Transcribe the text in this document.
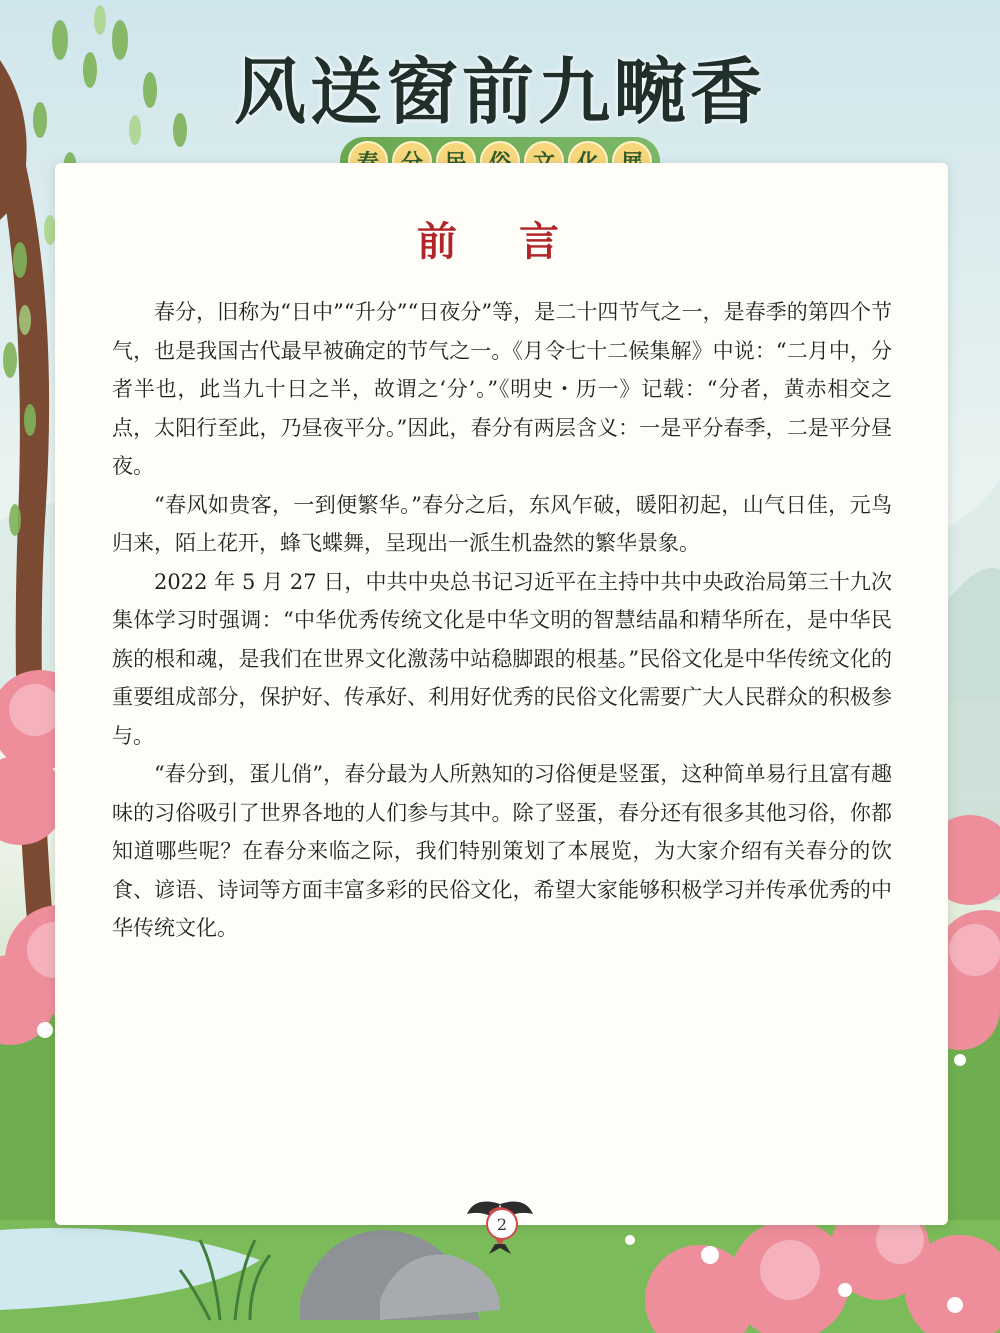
风送窗前九畹香
前 言

春分，旧称为“日中”“升分”“日夜分”等，是二十四节气之一，是春季的第四个节气，也是我国古代最早被确定的节气之一。《月令七十二候集解》中说：“二月中，分者半也，此当九十日之半，故谓之‘分’。”《明史・历一》记载：“分者，黄赤相交之点，太阳行至此，乃昼夜平分。”因此，春分有两层含义：一是平分春季，二是平分昼夜。

“春风如贵客，一到便繁华。”春分之后，东风乍破，暖阳初起，山气日佳，元鸟归来，陌上花开，蜂飞蝶舞，呈现出一派生机盎然的繁华景象。

2022 年 5 月 27 日，中共中央总书记习近平在主持中共中央政治局第三十九次集体学习时强调：“中华优秀传统文化是中华文明的智慧结晶和精华所在，是中华民族的根和魂，是我们在世界文化激荡中站稳脚跟的根基。”民俗文化是中华传统文化的重要组成部分，保护好、传承好、利用好优秀的民俗文化需要广大人民群众的积极参与。

“春分到，蛋儿俏”，春分最为人所熟知的习俗便是竖蛋，这种简单易行且富有趣味的习俗吸引了世界各地的人们参与其中。除了竖蛋，春分还有很多其他习俗，你都知道哪些呢？在春分来临之际，我们特别策划了本展览，为大家介绍有关春分的饮食、谚语、诗词等方面丰富多彩的民俗文化，希望大家能够积极学习并传承优秀的中华传统文化。

2
